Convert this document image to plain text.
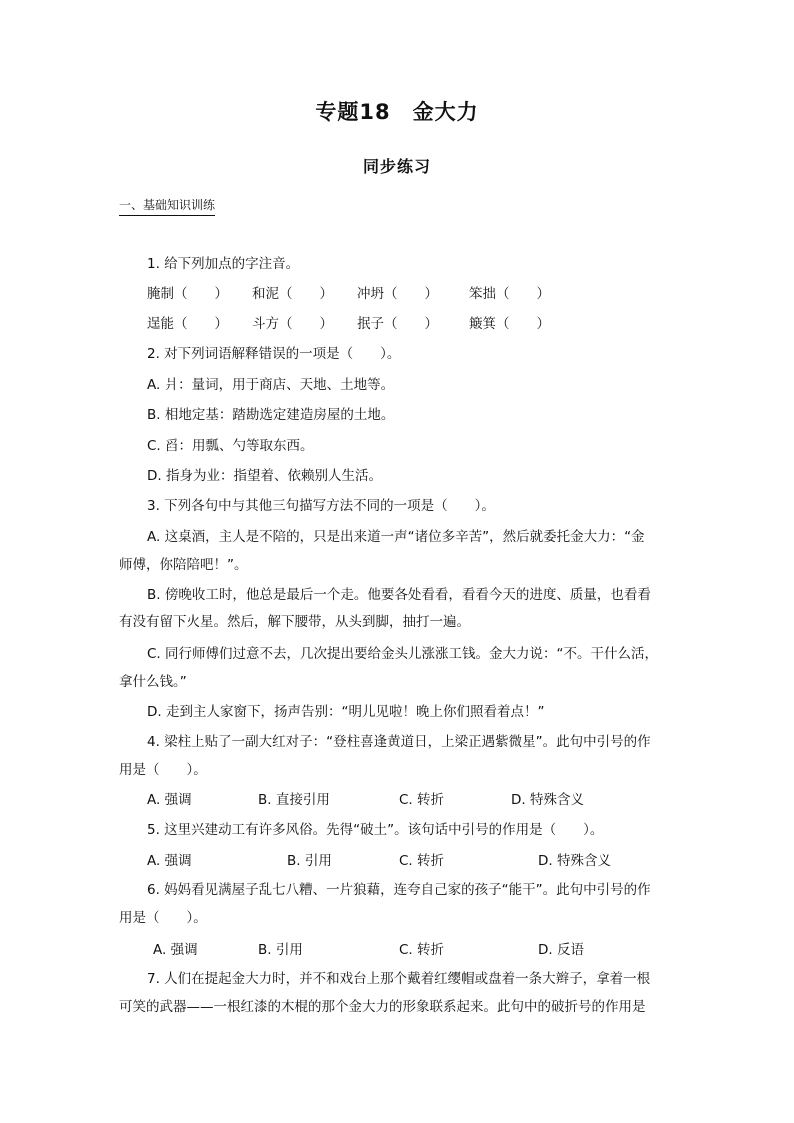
专题18　金大力
同步练习
一、基础知识训练
1. 给下列加点的字注音。
腌制（　　） 和泥（　　） 冲坍（　　） 笨拙（　　）
逞能（　　） 斗方（　　） 抿子（　　） 簸箕（　　）
2. 对下列词语解释错误的一项是（　　）。
A. 爿：量词，用于商店、天地、土地等。
B. 相地定基：踏勘选定建造房屋的土地。
C. 舀：用瓢、勺等取东西。
D. 指身为业：指望着、依赖别人生活。
3. 下列各句中与其他三句描写方法不同的一项是（　　）。
A. 这桌酒，主人是不陪的，只是出来道一声“诸位多辛苦”，然后就委托金大力：“金
师傅，你陪陪吧！”。
B. 傍晚收工时，他总是最后一个走。他要各处看看，看看今天的进度、质量，也看看
有没有留下火星。然后，解下腰带，从头到脚，抽打一遍。
C. 同行师傅们过意不去，几次提出要给金头儿涨涨工钱。金大力说：“不。干什么活，
拿什么钱。”
D. 走到主人家窗下，扬声告别：“明儿见啦！晚上你们照看着点！”
4. 梁柱上贴了一副大红对子：“登柱喜逢黄道日，上梁正遇紫微星”。此句中引号的作
用是（　　）。
A. 强调	B. 直接引用	C. 转折	D. 特殊含义
5. 这里兴建动工有许多风俗。先得“破土”。该句话中引号的作用是（　　）。
A. 强调	B. 引用	C. 转折	D. 特殊含义
6. 妈妈看见满屋子乱七八糟、一片狼藉，连夸自己家的孩子“能干”。此句中引号的作
用是（　　）。
A. 强调	B. 引用	C. 转折	D. 反语
7. 人们在提起金大力时，并不和戏台上那个戴着红缨帽或盘着一条大辫子，拿着一根
可笑的武器——一根红漆的木棍的那个金大力的形象联系起来。此句中的破折号的作用是
